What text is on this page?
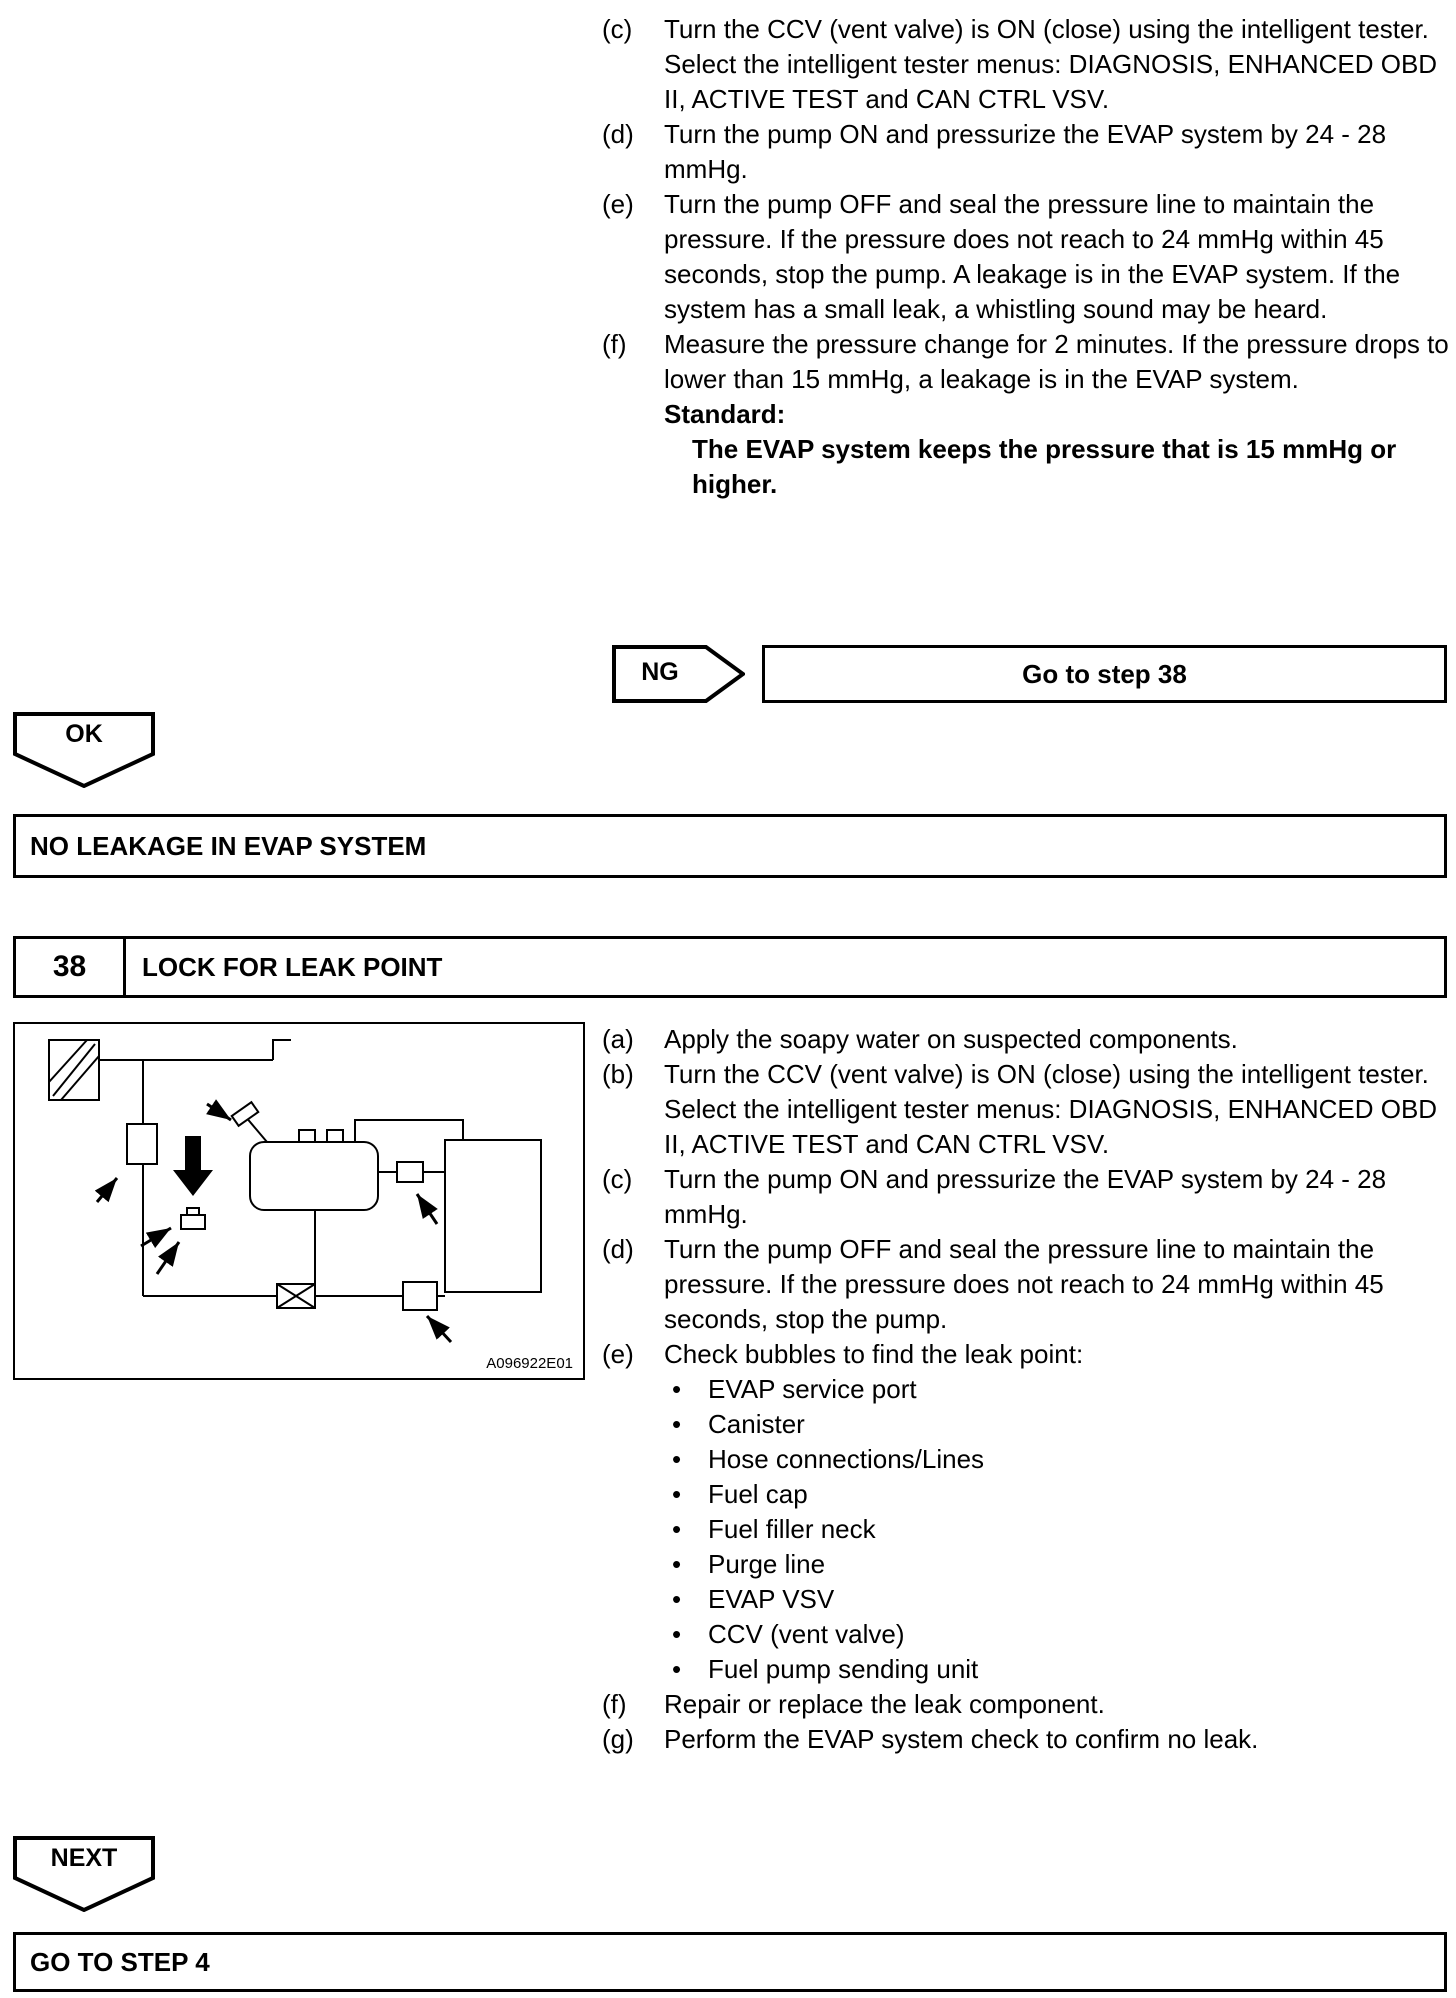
(c)	Turn the CCV (vent valve) is ON (close) using the intelligent tester. Select the intelligent tester menus: DIAGNOSIS, ENHANCED OBD II, ACTIVE TEST and CAN CTRL VSV.
(d)	Turn the pump ON and pressurize the EVAP system by 24 - 28 mmHg.
(e)	Turn the pump OFF and seal the pressure line to maintain the pressure. If the pressure does not reach to 24 mmHg within 45 seconds, stop the pump. A leakage is in the EVAP system. If the system has a small leak, a whistling sound may be heard.
(f)	Measure the pressure change for 2 minutes. If the pressure drops to lower than 15 mmHg, a leakage is in the EVAP system.
Standard:
The EVAP system keeps the pressure that is 15 mmHg or higher.
NG	Go to step 38
OK
NO LEAKAGE IN EVAP SYSTEM
38	LOCK FOR LEAK POINT
A096922E01
(a)	Apply the soapy water on suspected components.
(b)	Turn the CCV (vent valve) is ON (close) using the intelligent tester. Select the intelligent tester menus: DIAGNOSIS, ENHANCED OBD II, ACTIVE TEST and CAN CTRL VSV.
(c)	Turn the pump ON and pressurize the EVAP system by 24 - 28 mmHg.
(d)	Turn the pump OFF and seal the pressure line to maintain the pressure. If the pressure does not reach to 24 mmHg within 45 seconds, stop the pump.
(e)	Check bubbles to find the leak point:
•	EVAP service port
•	Canister
•	Hose connections/Lines
•	Fuel cap
•	Fuel filler neck
•	Purge line
•	EVAP VSV
•	CCV (vent valve)
•	Fuel pump sending unit
(f)	Repair or replace the leak component.
(g)	Perform the EVAP system check to confirm no leak.
NEXT
GO TO STEP 4
